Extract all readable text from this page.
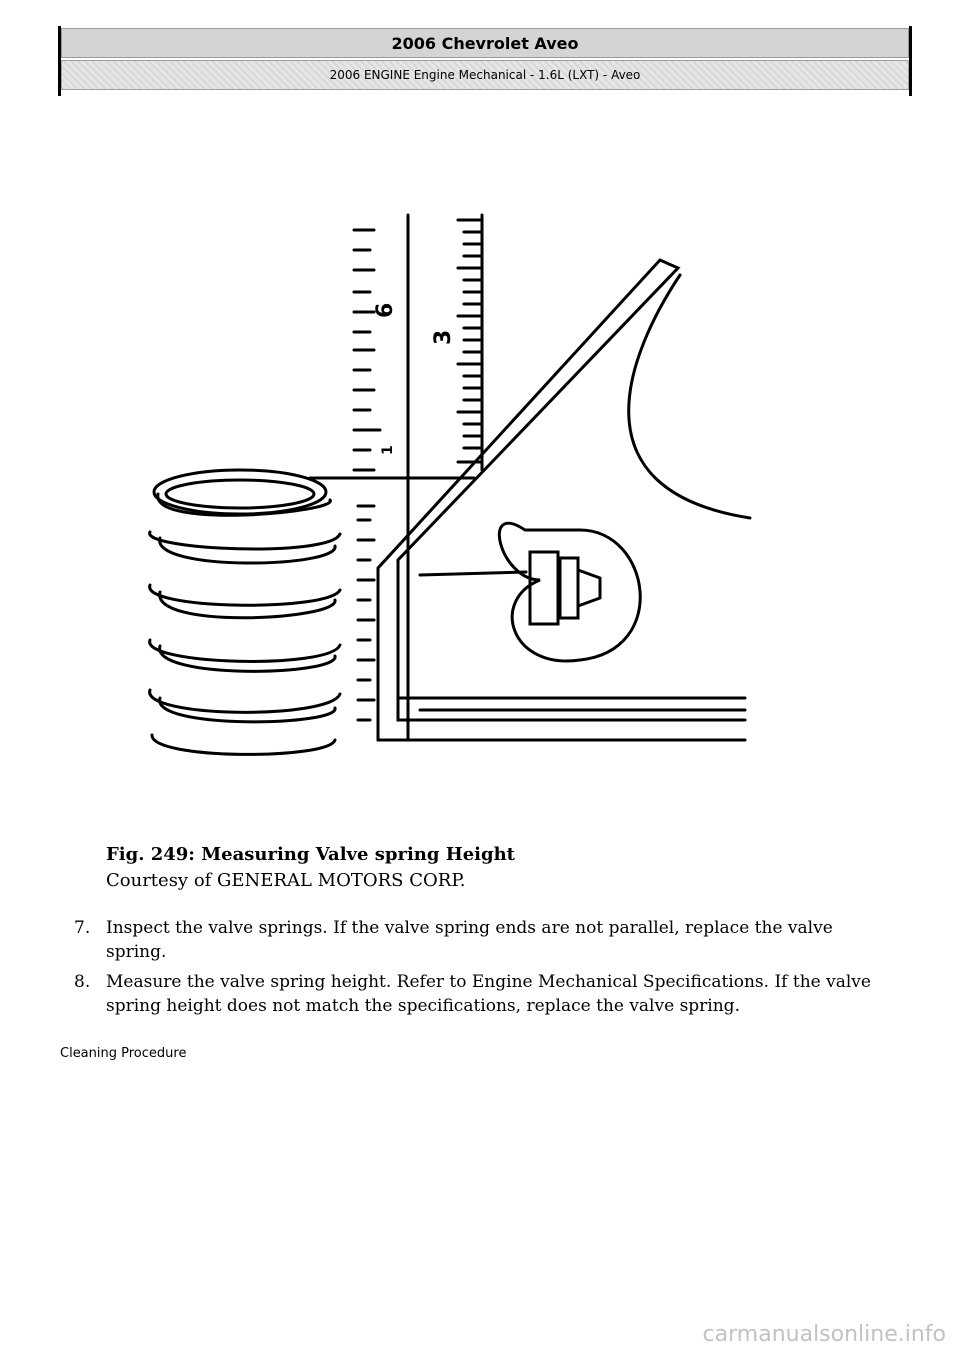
2006 Chevrolet Aveo
2006 ENGINE Engine Mechanical - 1.6L (LXT) - Aveo
6
3
1
Fig. 249: Measuring Valve spring Height
Courtesy of GENERAL MOTORS CORP.
7. Inspect the valve springs. If the valve spring ends are not parallel, replace the valve spring.
8. Measure the valve spring height. Refer to Engine Mechanical Specifications. If the valve spring height does not match the specifications, replace the valve spring.
Cleaning Procedure
carmanualsonline.info
